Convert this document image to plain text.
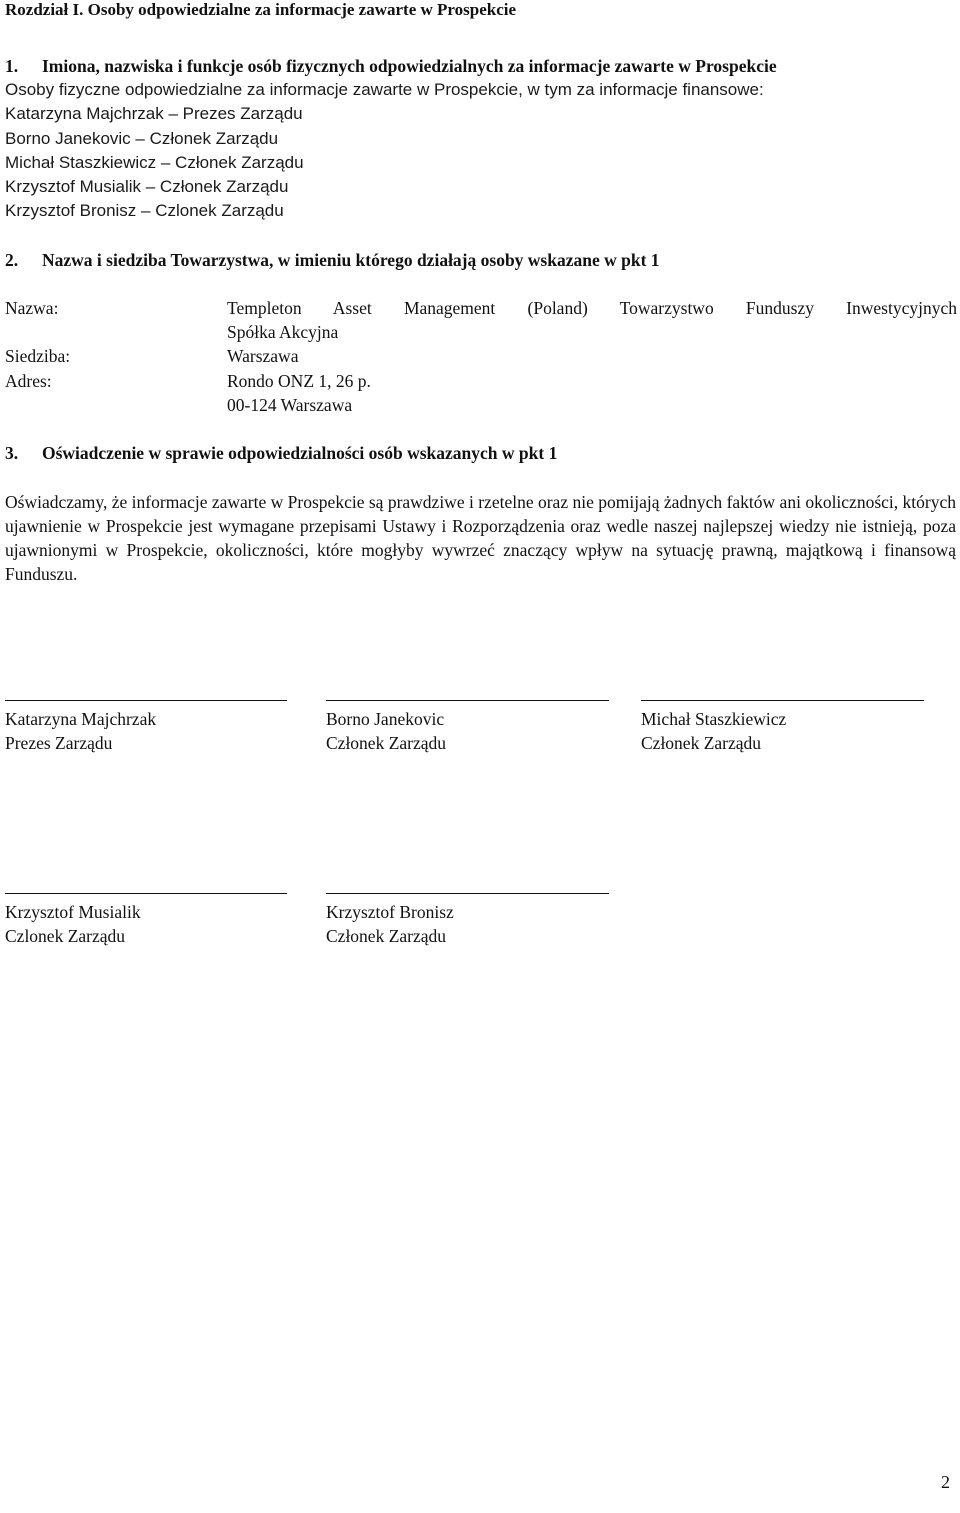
Rozdział I. Osoby odpowiedzialne za informacje zawarte w Prospekcie
1. Imiona, nazwiska i funkcje osób fizycznych odpowiedzialnych za informacje zawarte w Prospekcie
Osoby fizyczne odpowiedzialne za informacje zawarte w Prospekcie, w tym za informacje finansowe:
Katarzyna Majchrzak – Prezes Zarządu
Borno Janekovic – Członek Zarządu
Michał Staszkiewicz – Członek Zarządu
Krzysztof Musialik – Członek Zarządu
Krzysztof Bronisz – Czlonek Zarządu
2. Nazwa i siedziba Towarzystwa, w imieniu którego działają osoby wskazane w pkt 1
Nazwa:	Templeton Asset Management (Poland) Towarzystwo Funduszy Inwestycyjnych
Spółka Akcyjna
Siedziba:	Warszawa
Adres:	Rondo ONZ 1, 26 p.
00-124 Warszawa
3. Oświadczenie w sprawie odpowiedzialności osób wskazanych w pkt 1
Oświadczamy, że informacje zawarte w Prospekcie są prawdziwe i rzetelne oraz nie pomijają żadnych faktów ani okoliczności, których ujawnienie w Prospekcie jest wymagane przepisami Ustawy i Rozporządzenia oraz wedle naszej najlepszej wiedzy nie istnieją, poza ujawnionymi w Prospekcie, okoliczności, które mogłyby wywrzeć znaczący wpływ na sytuację prawną, majątkową i finansową Funduszu.
Katarzyna Majchrzak
Prezes Zarządu
Borno Janekovic
Członek Zarządu
Michał Staszkiewicz
Członek Zarządu
Krzysztof Musialik
Czlonek Zarządu
Krzysztof Bronisz
Członek Zarządu
2
